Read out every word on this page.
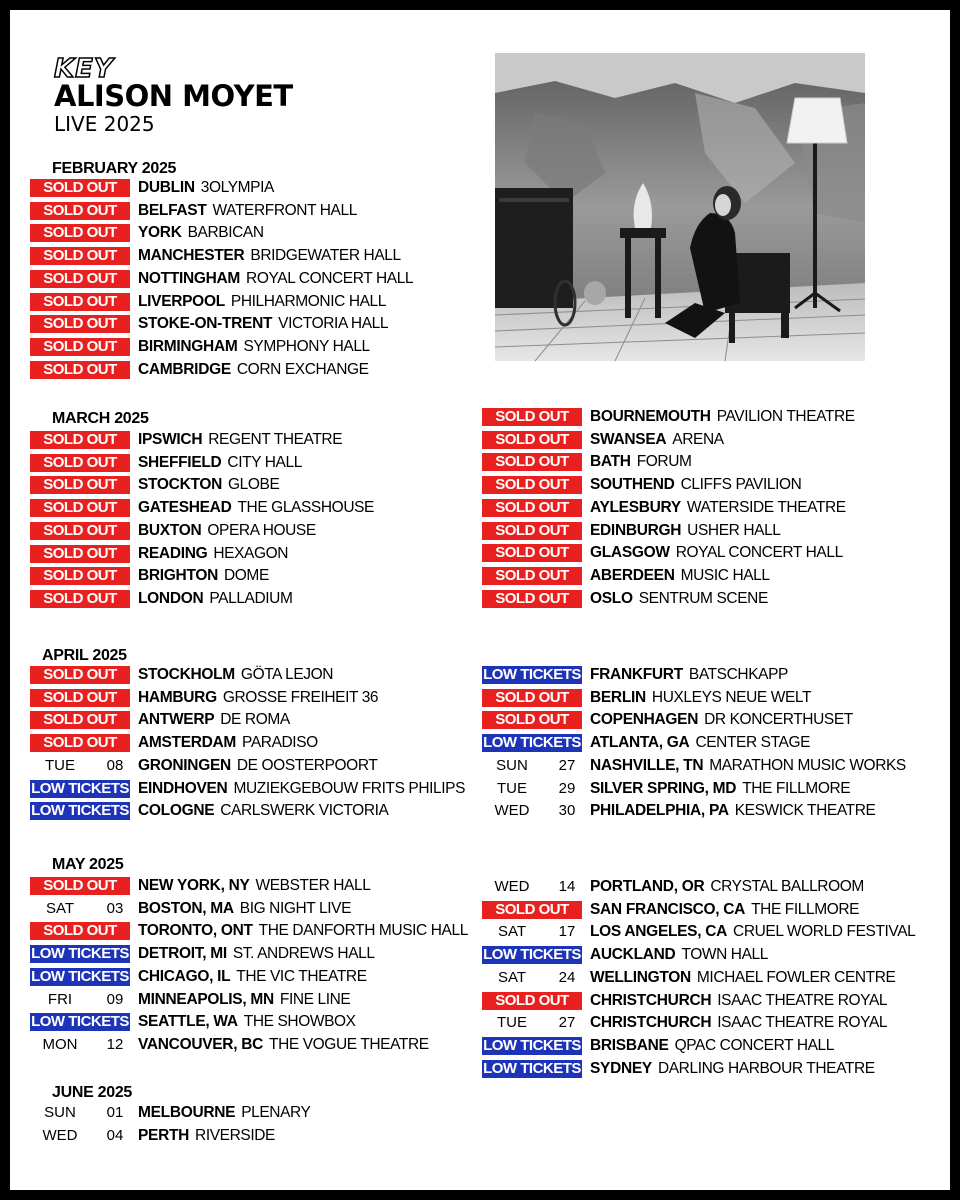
KEY
ALISON MOYET
LIVE 2025
FEBRUARY 2025
SOLD OUT	DUBLIN 3OLYMPIA
SOLD OUT	BELFAST WATERFRONT HALL
SOLD OUT	YORK BARBICAN
SOLD OUT	MANCHESTER BRIDGEWATER HALL
SOLD OUT	NOTTINGHAM ROYAL CONCERT HALL
SOLD OUT	LIVERPOOL PHILHARMONIC HALL
SOLD OUT	STOKE-ON-TRENT VICTORIA HALL
SOLD OUT	BIRMINGHAM SYMPHONY HALL
SOLD OUT	CAMBRIDGE CORN EXCHANGE
MARCH 2025
SOLD OUT	IPSWICH REGENT THEATRE
SOLD OUT	SHEFFIELD CITY HALL
SOLD OUT	STOCKTON GLOBE
SOLD OUT	GATESHEAD THE GLASSHOUSE
SOLD OUT	BUXTON OPERA HOUSE
SOLD OUT	READING HEXAGON
SOLD OUT	BRIGHTON DOME
SOLD OUT	LONDON PALLADIUM
APRIL 2025
SOLD OUT	STOCKHOLM GÖTA LEJON
SOLD OUT	HAMBURG GROSSE FREIHEIT 36
SOLD OUT	ANTWERP DE ROMA
SOLD OUT	AMSTERDAM PARADISO
TUE	08 GRONINGEN DE OOSTERPOORT
LOW TICKETS EINDHOVEN MUZIEKGEBOUW FRITS PHILIPS
LOW TICKETS COLOGNE CARLSWERK VICTORIA
MAY 2025
SOLD OUT	NEW YORK, NY WEBSTER HALL
SAT	03 BOSTON, MA BIG NIGHT LIVE
SOLD OUT	TORONTO, ONT THE DANFORTH MUSIC HALL
LOW TICKETS DETROIT, MI ST. ANDREWS HALL
LOW TICKETS CHICAGO, IL THE VIC THEATRE
FRI	09 MINNEAPOLIS, MN FINE LINE
LOW TICKETS SEATTLE, WA THE SHOWBOX
MON	12 VANCOUVER, BC THE VOGUE THEATRE
JUNE 2025
SUN	01 MELBOURNE PLENARY
WED	04 PERTH RIVERSIDE
SOLD OUT	BOURNEMOUTH PAVILION THEATRE
SOLD OUT	SWANSEA ARENA
SOLD OUT	BATH FORUM
SOLD OUT	SOUTHEND CLIFFS PAVILION
SOLD OUT	AYLESBURY WATERSIDE THEATRE
SOLD OUT	EDINBURGH USHER HALL
SOLD OUT	GLASGOW ROYAL CONCERT HALL
SOLD OUT	ABERDEEN MUSIC HALL
SOLD OUT	OSLO SENTRUM SCENE
LOW TICKETS FRANKFURT BATSCHKAPP
SOLD OUT	BERLIN HUXLEYS NEUE WELT
SOLD OUT	COPENHAGEN DR KONCERTHUSET
LOW TICKETS ATLANTA, GA CENTER STAGE
SUN	27 NASHVILLE, TN MARATHON MUSIC WORKS
TUE	29 SILVER SPRING, MD THE FILLMORE
WED	30 PHILADELPHIA, PA KESWICK THEATRE
WED	14 PORTLAND, OR CRYSTAL BALLROOM
SOLD OUT	SAN FRANCISCO, CA THE FILLMORE
SAT	17 LOS ANGELES, CA CRUEL WORLD FESTIVAL
LOW TICKETS AUCKLAND TOWN HALL
SAT	24 WELLINGTON MICHAEL FOWLER CENTRE
SOLD OUT	CHRISTCHURCH ISAAC THEATRE ROYAL
TUE	27 CHRISTCHURCH ISAAC THEATRE ROYAL
LOW TICKETS BRISBANE QPAC CONCERT HALL
LOW TICKETS SYDNEY DARLING HARBOUR THEATRE
